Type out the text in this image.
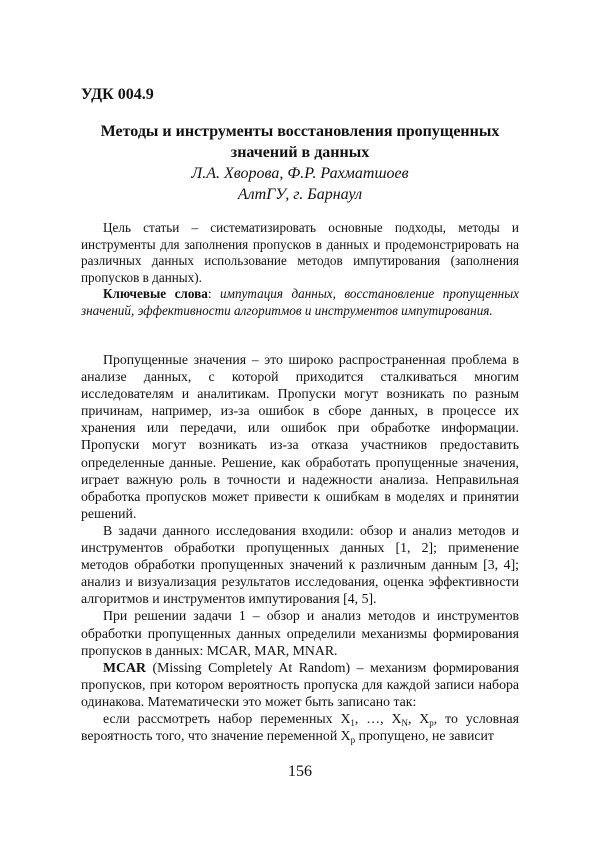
УДК 004.9

Методы и инструменты восстановления пропущенных
значений в данных

Л.А. Хворова, Ф.Р. Рахматшоев

АлтГУ, г. Барнаул

Цель статьи – систематизировать основные подходы, методы и инструменты для заполнения пропусков в данных и продемонстрировать на различных данных использование методов импутирования (заполнения пропусков в данных).

Ключевые слова: импутация данных, восстановление пропущенных значений, эффективности алгоритмов и инструментов импутирования.

Пропущенные значения – это широко распространенная проблема в анализе данных, с которой приходится сталкиваться многим исследователям и аналитикам. Пропуски могут возникать по разным причинам, например, из-за ошибок в сборе данных, в процессе их хранения или передачи, или ошибок при обработке информации. Пропуски могут возникать из-за отказа участников предоставить определенные данные. Решение, как обработать пропущенные значения, играет важную роль в точности и надежности анализа. Неправильная обработка пропусков может привести к ошибкам в моделях и принятии решений.

В задачи данного исследования входили: обзор и анализ методов и инструментов обработки пропущенных данных [1, 2]; применение методов обработки пропущенных значений к различным данным [3, 4]; анализ и визуализация результатов исследования, оценка эффективности алгоритмов и инструментов импутирования [4, 5].

При решении задачи 1 – обзор и анализ методов и инструментов обработки пропущенных данных определили механизмы формирования пропусков в данных: MCAR, MAR, MNAR.

MCAR (Missing Completely At Random) – механизм формирования пропусков, при котором вероятность пропуска для каждой записи набора одинакова. Математически это может быть записано так:

если рассмотреть набор переменных $X_1$, …, $X_N$, $X_p$, то условная вероятность того, что значение переменной $X_p$ пропущено, не зависит

156
